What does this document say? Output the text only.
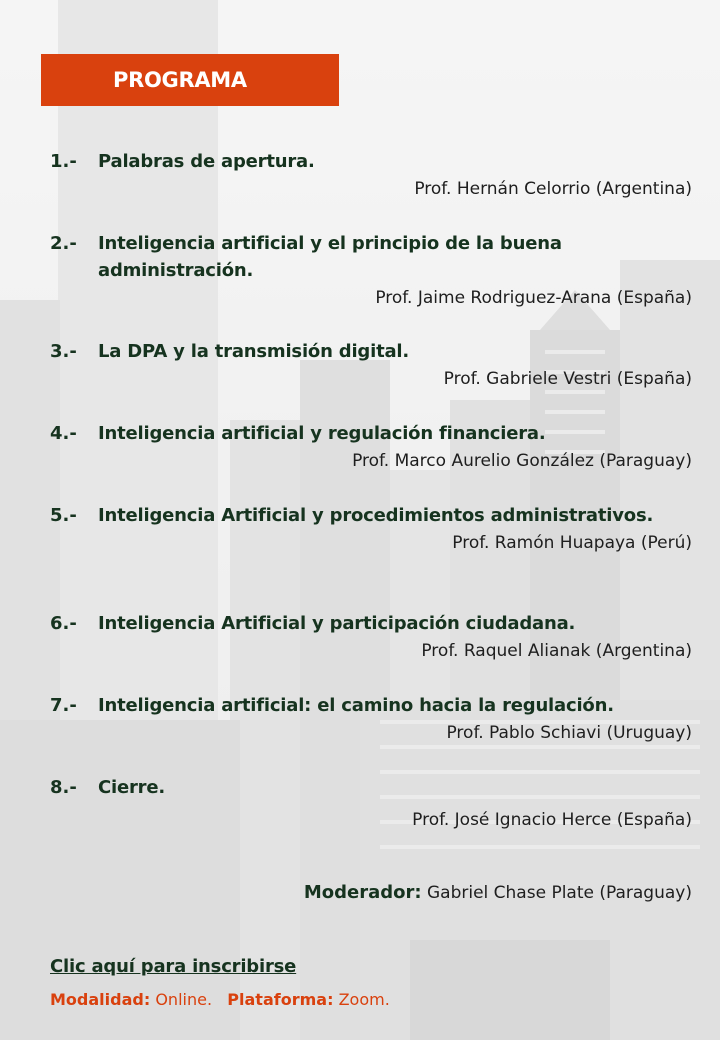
PROGRAMA
1.- Palabras de apertura.
Prof. Hernán Celorrio (Argentina)
2.- Inteligencia artificial y el principio de la buena administración.
Prof. Jaime Rodriguez-Arana (España)
3.- La DPA y la transmisión digital.
Prof. Gabriele Vestri (España)
4.- Inteligencia artificial y regulación financiera.
Prof. Marco Aurelio González (Paraguay)
5.- Inteligencia Artificial y procedimientos administrativos.
Prof. Ramón Huapaya (Perú)
6.- Inteligencia Artificial y participación ciudadana.
Prof. Raquel Alianak (Argentina)
7.- Inteligencia artificial: el camino hacia la regulación.
Prof. Pablo Schiavi (Uruguay)
8.- Cierre.
Prof. José Ignacio Herce (España)
Moderador: Gabriel Chase Plate (Paraguay)
Clic aquí para inscribirse
Modalidad: Online. Plataforma: Zoom.
